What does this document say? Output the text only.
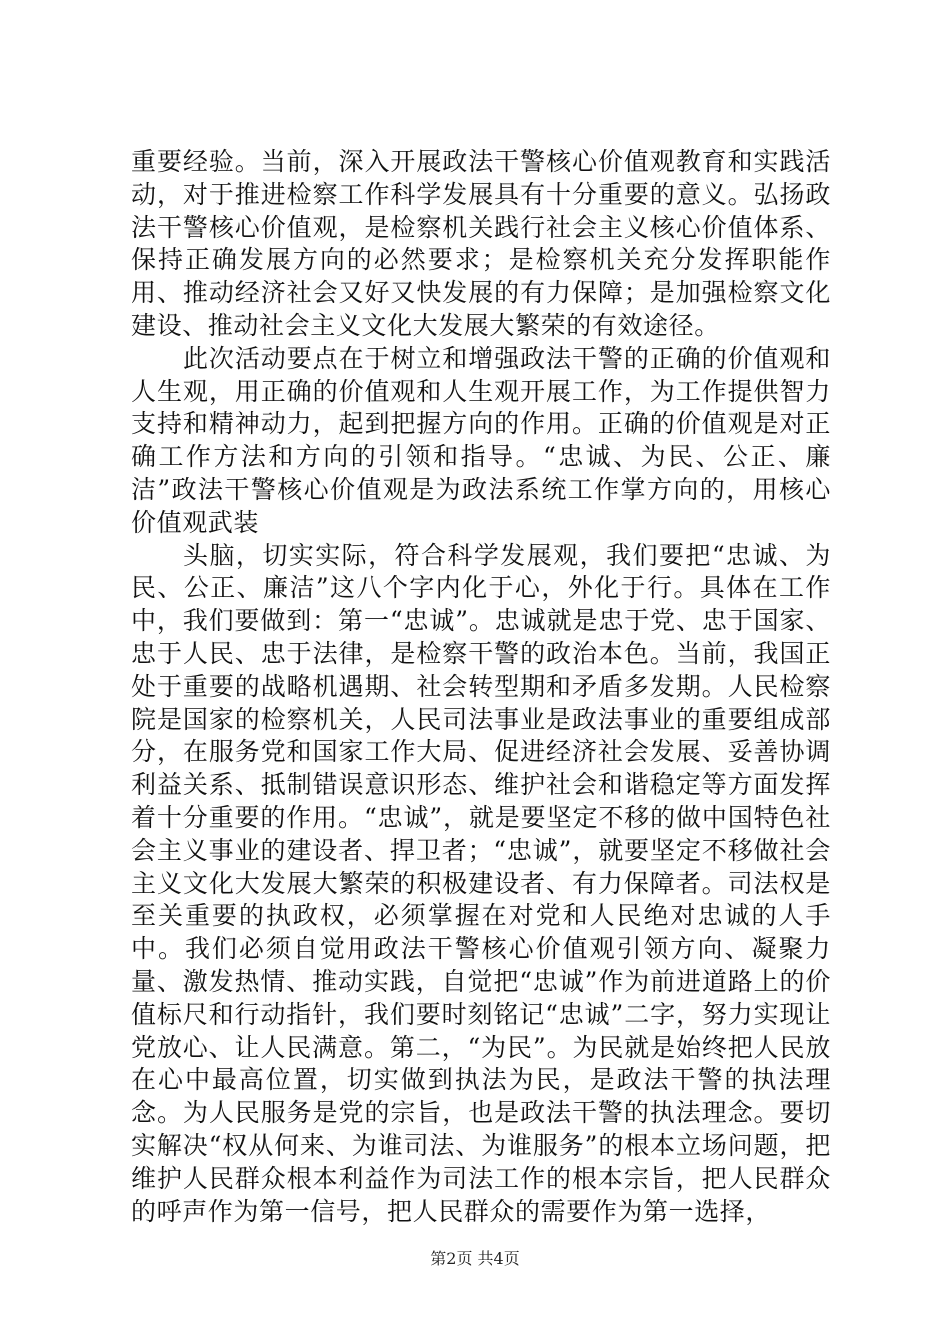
重要经验。当前，深入开展政法干警核心价值观教育和实践活动，对于推进检察工作科学发展具有十分重要的意义。弘扬政法干警核心价值观，是检察机关践行社会主义核心价值体系、保持正确发展方向的必然要求；是检察机关充分发挥职能作用、推动经济社会又好又快发展的有力保障；是加强检察文化建设、推动社会主义文化大发展大繁荣的有效途径。

此次活动要点在于树立和增强政法干警的正确的价值观和人生观，用正确的价值观和人生观开展工作，为工作提供智力支持和精神动力，起到把握方向的作用。正确的价值观是对正确工作方法和方向的引领和指导。“忠诚、为民、公正、廉洁”政法干警核心价值观是为政法系统工作掌方向的，用核心价值观武装

头脑，切实实际，符合科学发展观，我们要把“忠诚、为民、公正、廉洁”这八个字内化于心，外化于行。具体在工作中，我们要做到：第一“忠诚”。忠诚就是忠于党、忠于国家、忠于人民、忠于法律，是检察干警的政治本色。当前，我国正处于重要的战略机遇期、社会转型期和矛盾多发期。人民检察院是国家的检察机关，人民司法事业是政法事业的重要组成部分，在服务党和国家工作大局、促进经济社会发展、妥善协调利益关系、抵制错误意识形态、维护社会和谐稳定等方面发挥着十分重要的作用。“忠诚”，就是要坚定不移的做中国特色社会主义事业的建设者、捍卫者；“忠诚”，就要坚定不移做社会主义文化大发展大繁荣的积极建设者、有力保障者。司法权是至关重要的执政权，必须掌握在对党和人民绝对忠诚的人手中。我们必须自觉用政法干警核心价值观引领方向、凝聚力量、激发热情、推动实践，自觉把“忠诚”作为前进道路上的价值标尺和行动指针，我们要时刻铭记“忠诚”二字，努力实现让党放心、让人民满意。第二，“为民”。为民就是始终把人民放在心中最高位置，切实做到执法为民，是政法干警的执法理念。为人民服务是党的宗旨，也是政法干警的执法理念。要切实解决“权从何来、为谁司法、为谁服务”的根本立场问题，把维护人民群众根本利益作为司法工作的根本宗旨，把人民群众的呼声作为第一信号，把人民群众的需要作为第一选择，

第2页 共4页
